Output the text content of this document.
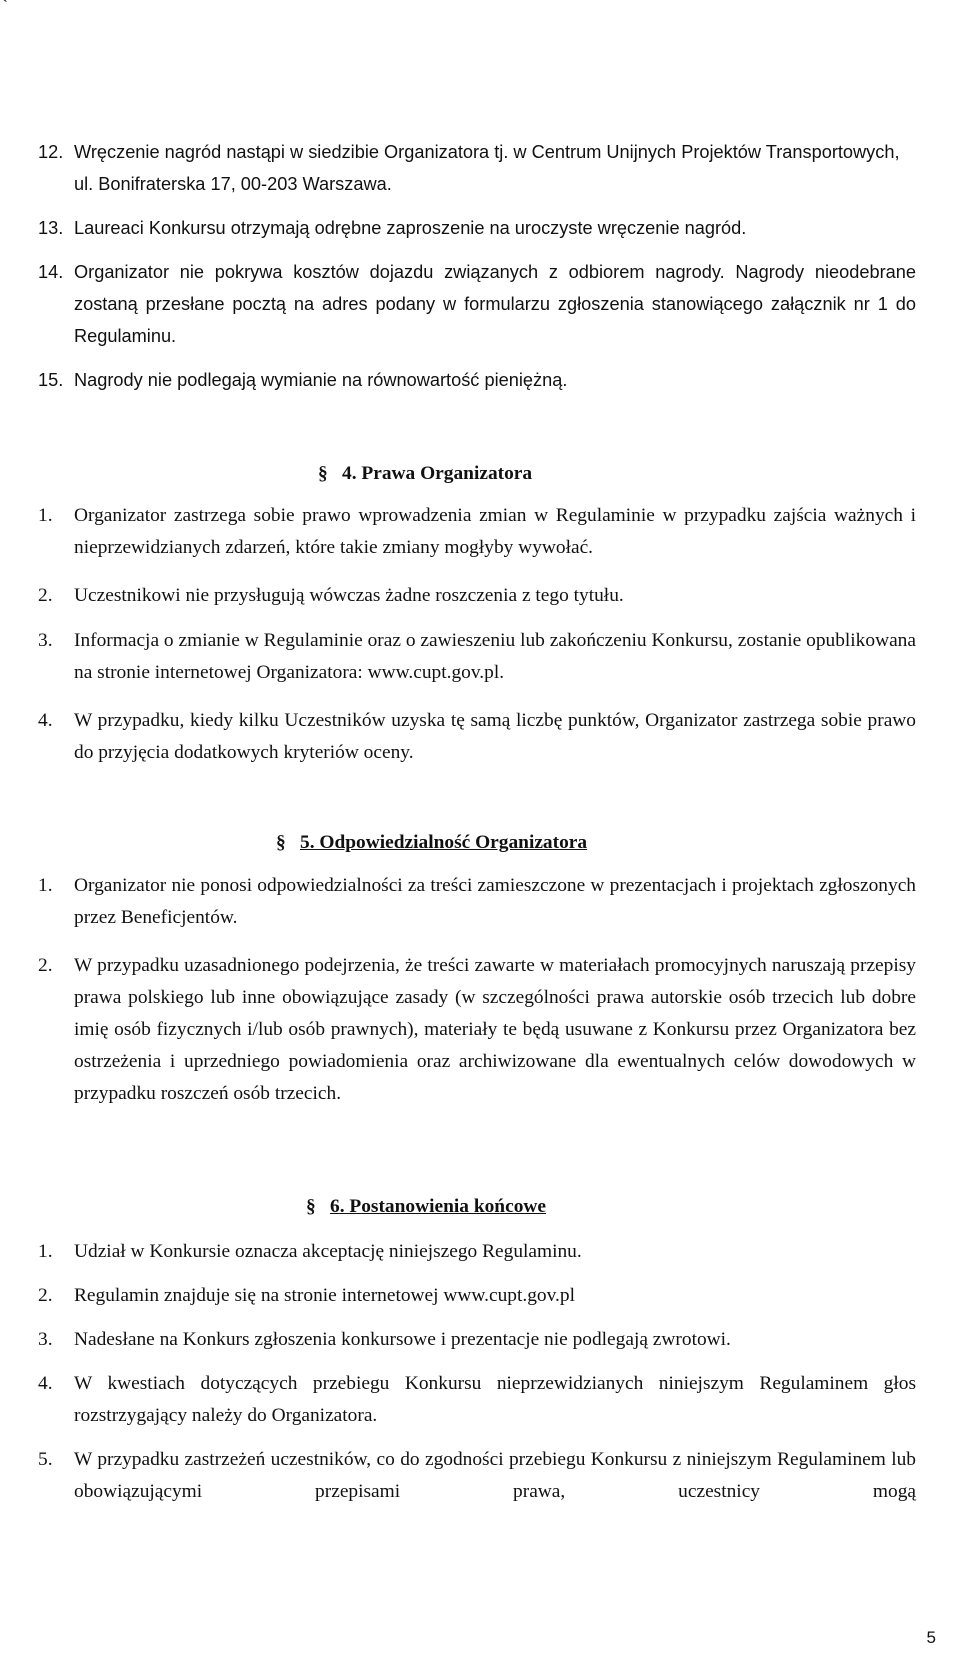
`
12. Wręczenie nagród nastąpi w siedzibie Organizatora tj. w Centrum Unijnych Projektów Transportowych, ul. Bonifraterska 17, 00-203 Warszawa.
13. Laureaci Konkursu otrzymają odrębne zaproszenie na uroczyste wręczenie nagród.
14. Organizator nie pokrywa kosztów dojazdu związanych z odbiorem nagrody. Nagrody nieodebrane zostaną przesłane pocztą na adres podany w formularzu zgłoszenia stanowiącego załącznik nr 1 do Regulaminu.
15. Nagrody nie podlegają wymianie na równowartość pieniężną.
§ 4. Prawa Organizatora
1. Organizator zastrzega sobie prawo wprowadzenia zmian w Regulaminie w przypadku zajścia ważnych i nieprzewidzianych zdarzeń, które takie zmiany mogłyby wywołać.
2. Uczestnikowi nie przysługują wówczas żadne roszczenia z tego tytułu.
3. Informacja o zmianie w Regulaminie oraz o zawieszeniu lub zakończeniu Konkursu, zostanie opublikowana na stronie internetowej Organizatora: www.cupt.gov.pl.
4. W przypadku, kiedy kilku Uczestników uzyska tę samą liczbę punktów, Organizator zastrzega sobie prawo do przyjęcia dodatkowych kryteriów oceny.
§ 5. Odpowiedzialność Organizatora
1. Organizator nie ponosi odpowiedzialności za treści zamieszczone w prezentacjach i projektach zgłoszonych przez Beneficjentów.
2. W przypadku uzasadnionego podejrzenia, że treści zawarte w materiałach promocyjnych naruszają przepisy prawa polskiego lub inne obowiązujące zasady (w szczególności prawa autorskie osób trzecich lub dobre imię osób fizycznych i/lub osób prawnych), materiały te będą usuwane z Konkursu przez Organizatora bez ostrzeżenia i uprzedniego powiadomienia oraz archiwizowane dla ewentualnych celów dowodowych w przypadku roszczeń osób trzecich.
§ 6. Postanowienia końcowe
1. Udział w Konkursie oznacza akceptację niniejszego Regulaminu.
2. Regulamin znajduje się na stronie internetowej www.cupt.gov.pl
3. Nadesłane na Konkurs zgłoszenia konkursowe i prezentacje nie podlegają zwrotowi.
4. W kwestiach dotyczących przebiegu Konkursu nieprzewidzianych niniejszym Regulaminem głos rozstrzygający należy do Organizatora.
5. W przypadku zastrzeżeń uczestników, co do zgodności przebiegu Konkursu z niniejszym Regulaminem lub obowiązującymi przepisami prawa, uczestnicy mogą
5
